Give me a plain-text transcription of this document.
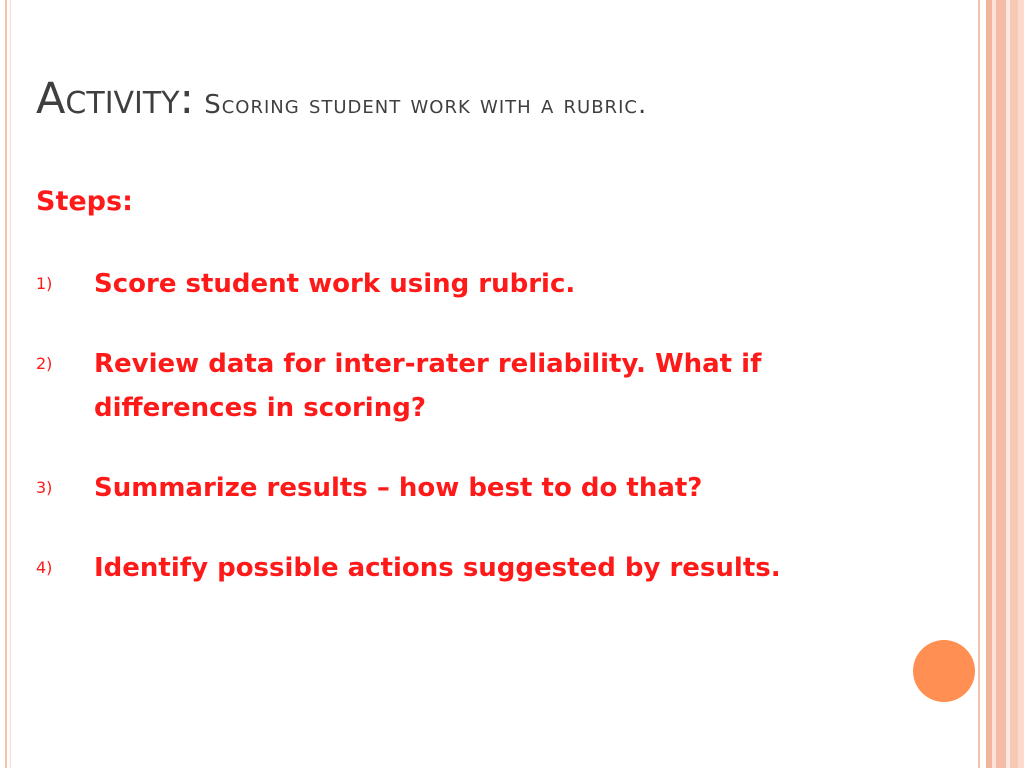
Activity: Scoring student work with a rubric.

Steps:

1)	Score student work using rubric.
2)	Review data for inter-rater reliability. What if differences in scoring?
3)	Summarize results – how best to do that?
4)	Identify possible actions suggested by results.
